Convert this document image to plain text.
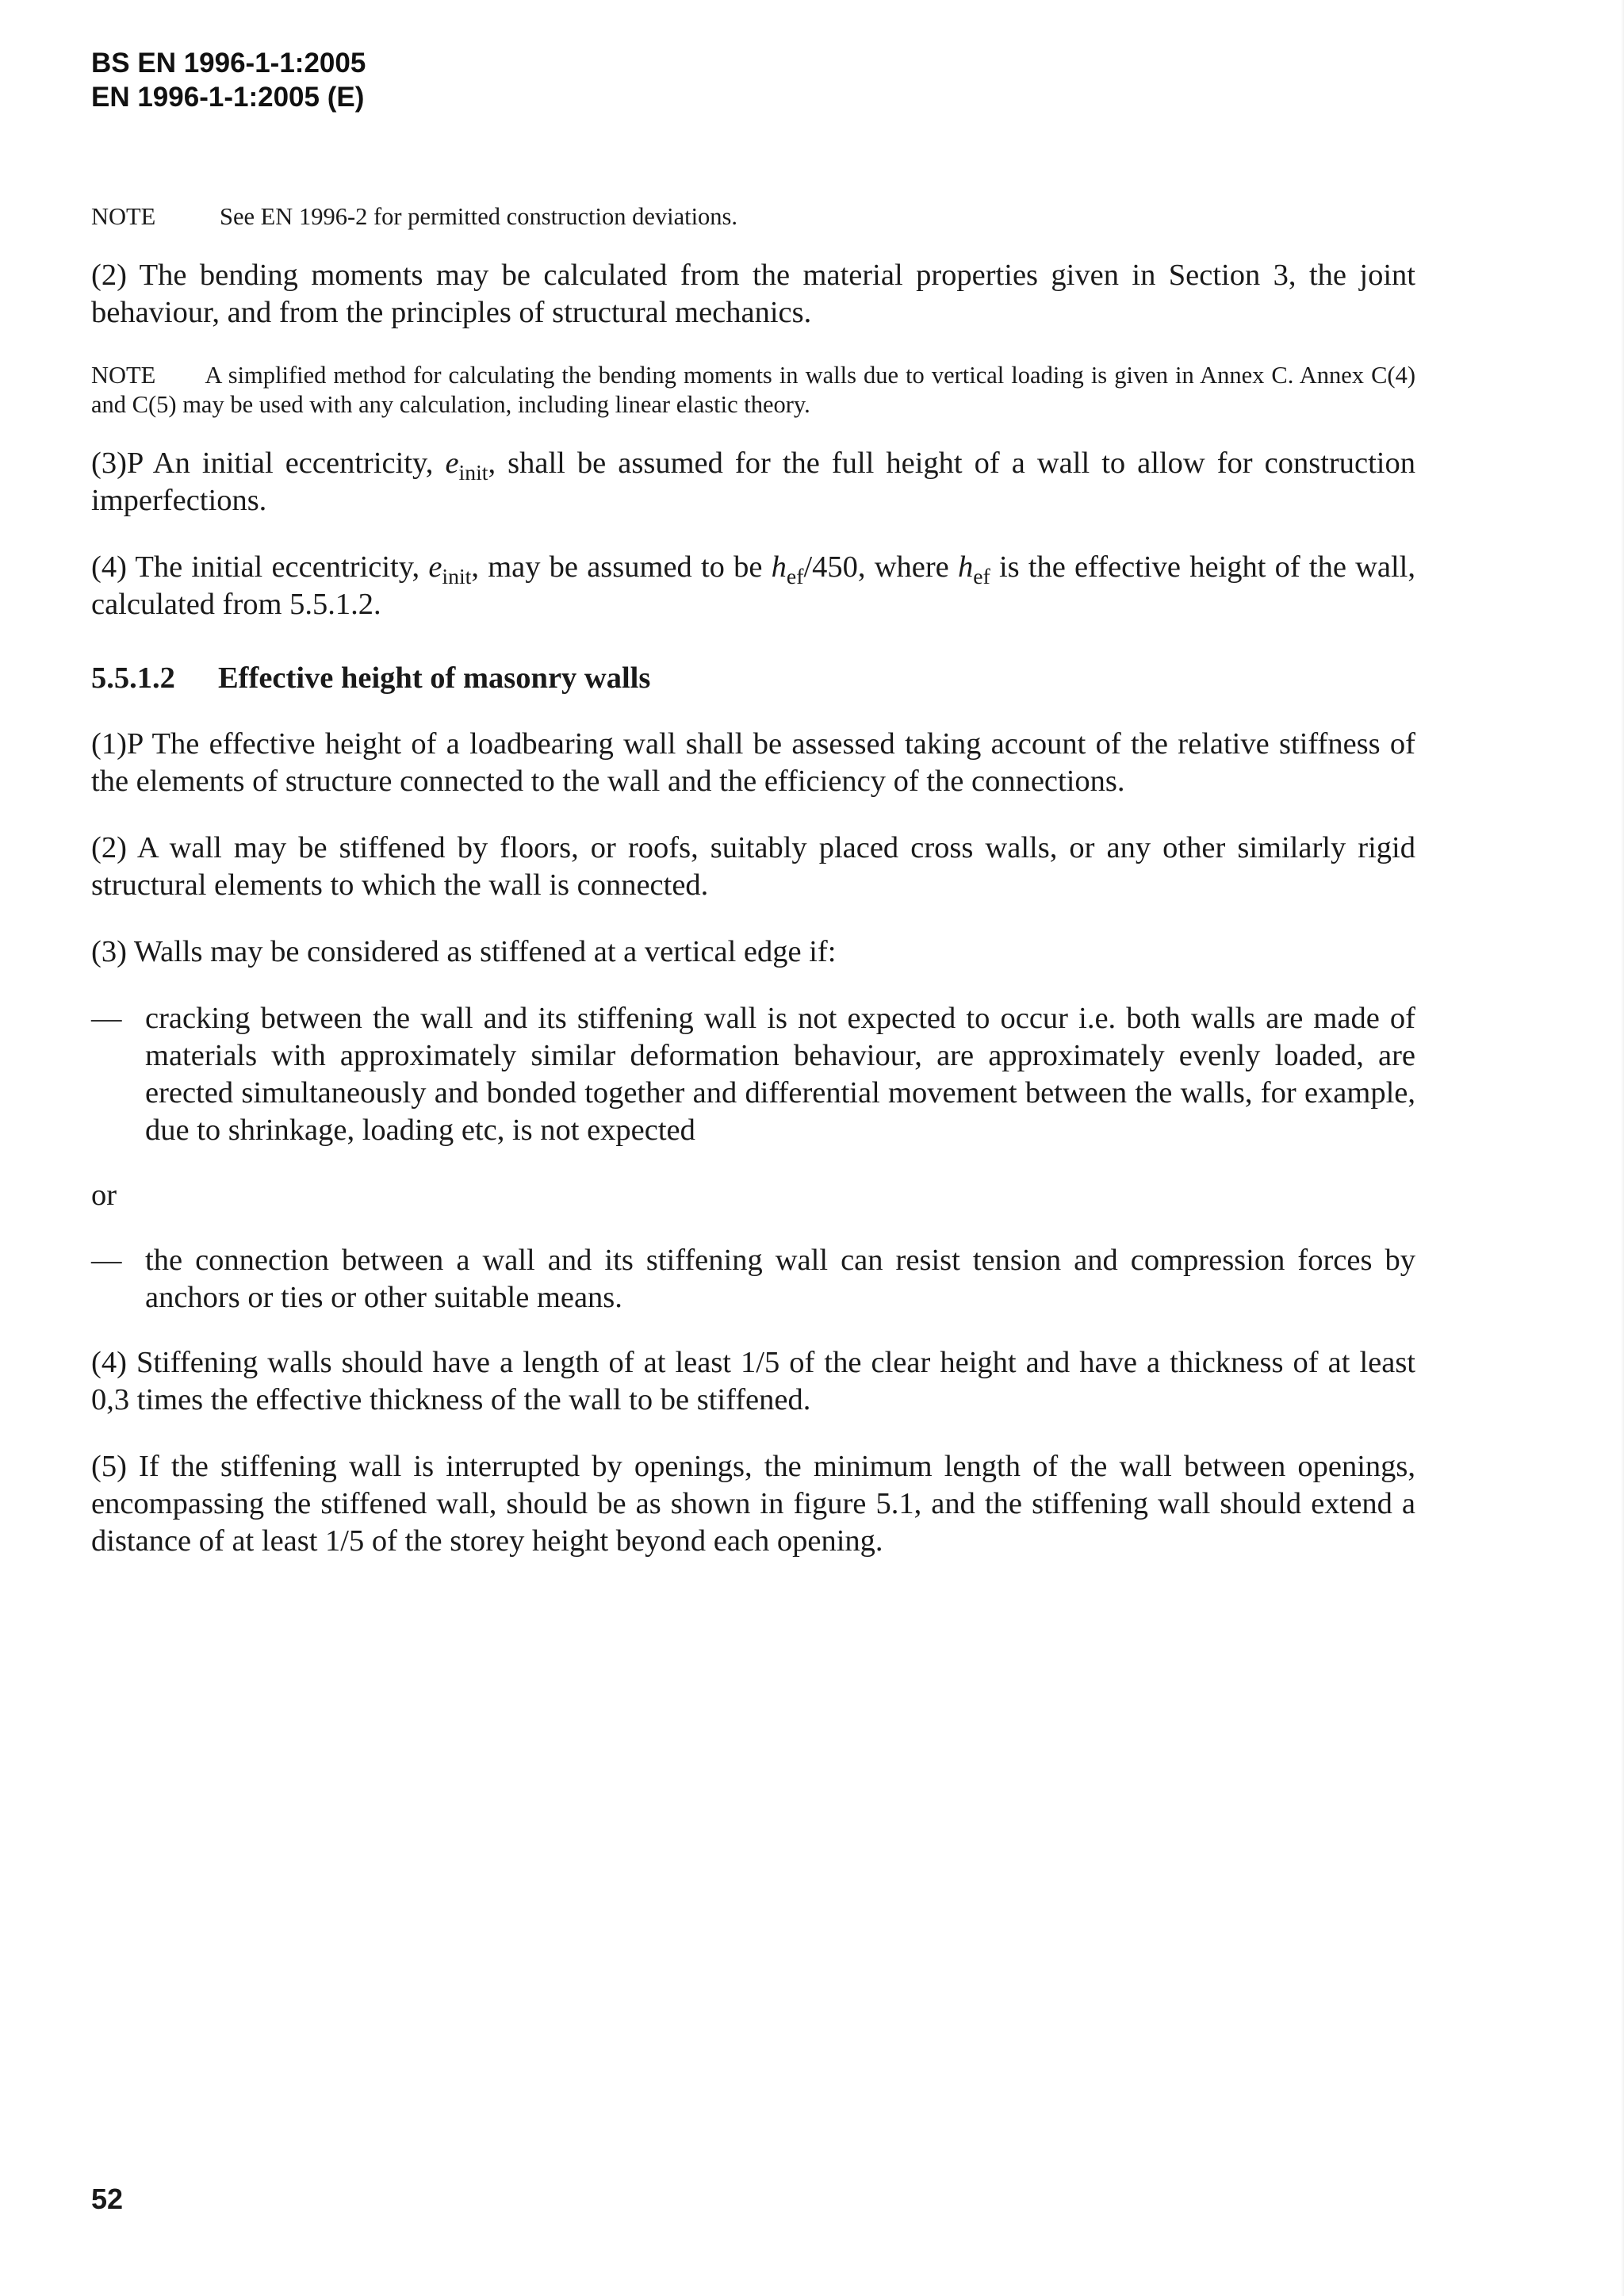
BS EN 1996-1-1:2005
EN 1996-1-1:2005 (E)

NOTE	See EN 1996-2 for permitted construction deviations.

(2) The bending moments may be calculated from the material properties given in Section 3, the joint behaviour, and from the principles of structural mechanics.

NOTE A simplified method for calculating the bending moments in walls due to vertical loading is given in Annex C. Annex C(4) and C(5) may be used with any calculation, including linear elastic theory.

(3)P An initial eccentricity, $e_{init}$, shall be assumed for the full height of a wall to allow for construction imperfections.

(4) The initial eccentricity, $e_{init}$, may be assumed to be $h_{ef}/450$, where $h_{ef}$ is the effective height of the wall, calculated from 5.5.1.2.

5.5.1.2 Effective height of masonry walls

(1)P The effective height of a loadbearing wall shall be assessed taking account of the relative stiffness of the elements of structure connected to the wall and the efficiency of the connections.

(2) A wall may be stiffened by floors, or roofs, suitably placed cross walls, or any other similarly rigid structural elements to which the wall is connected.

(3) Walls may be considered as stiffened at a vertical edge if:

— cracking between the wall and its stiffening wall is not expected to occur i.e. both walls are made of materials with approximately similar deformation behaviour, are approximately evenly loaded, are erected simultaneously and bonded together and differential movement between the walls, for example, due to shrinkage, loading etc, is not expected
or
— the connection between a wall and its stiffening wall can resist tension and compression forces by anchors or ties or other suitable means.

(4) Stiffening walls should have a length of at least 1/5 of the clear height and have a thickness of at least 0,3 times the effective thickness of the wall to be stiffened.

(5) If the stiffening wall is interrupted by openings, the minimum length of the wall between openings, encompassing the stiffened wall, should be as shown in figure 5.1, and the stiffening wall should extend a distance of at least 1/5 of the storey height beyond each opening.

52
